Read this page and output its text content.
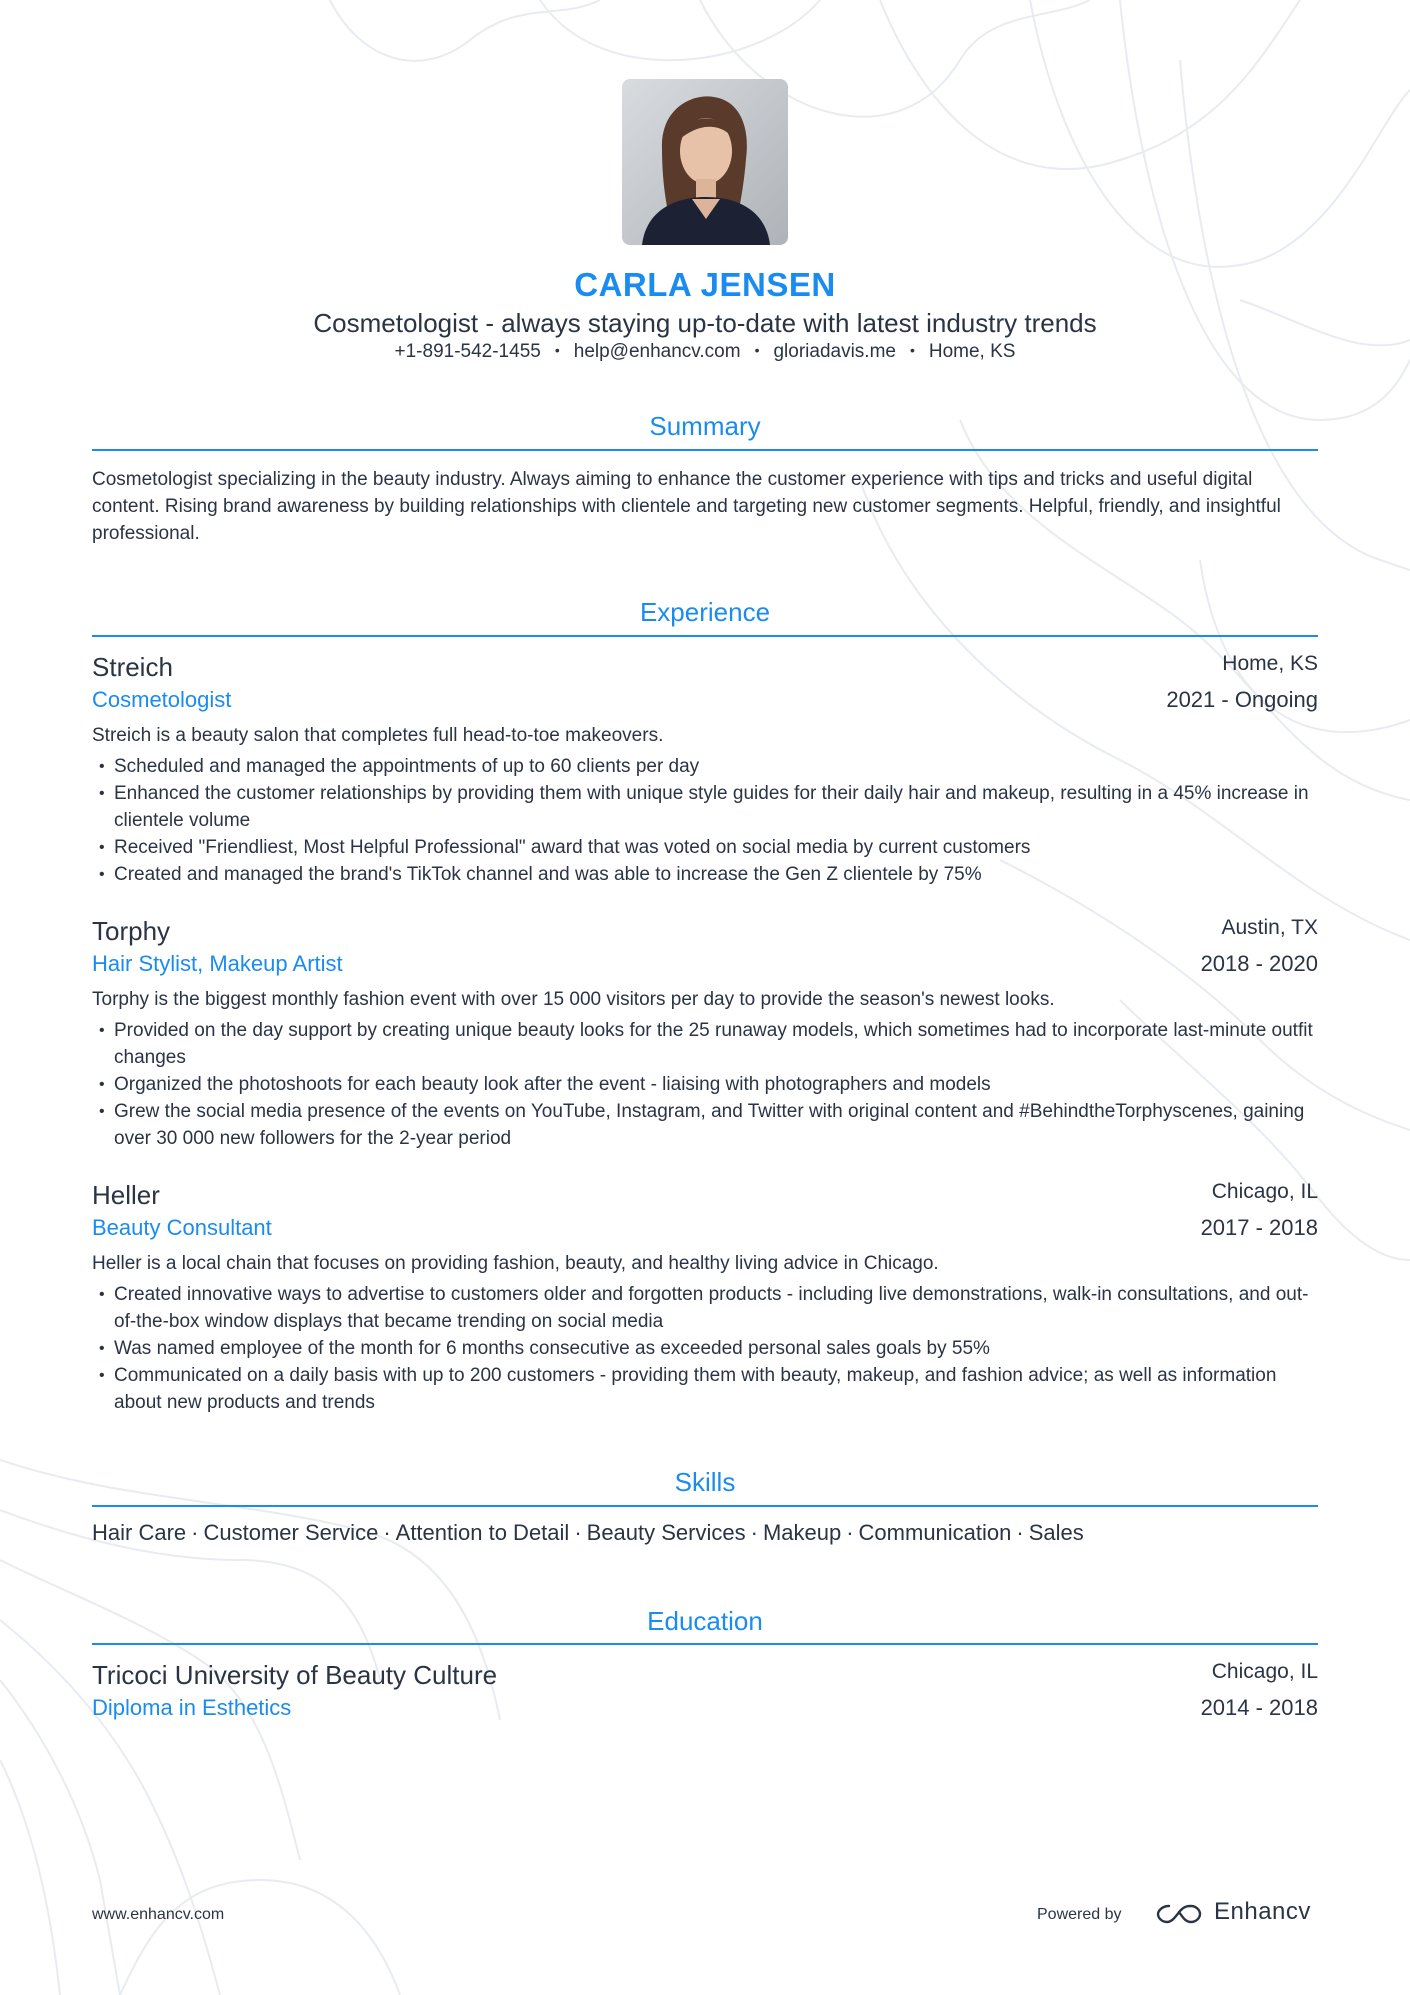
CARLA JENSEN
Cosmetologist - always staying up-to-date with latest industry trends
+1-891-542-1455 • help@enhancv.com • gloriadavis.me • Home, KS
Summary
Cosmetologist specializing in the beauty industry. Always aiming to enhance the customer experience with tips and tricks and useful digital content. Rising brand awareness by building relationships with clientele and targeting new customer segments. Helpful, friendly, and insightful professional.
Experience
Streich	Home, KS
Cosmetologist	2021 - Ongoing
Streich is a beauty salon that completes full head-to-toe makeovers.
• Scheduled and managed the appointments of up to 60 clients per day
• Enhanced the customer relationships by providing them with unique style guides for their daily hair and makeup, resulting in a 45% increase in clientele volume
• Received "Friendliest, Most Helpful Professional" award that was voted on social media by current customers
• Created and managed the brand's TikTok channel and was able to increase the Gen Z clientele by 75%
Torphy	Austin, TX
Hair Stylist, Makeup Artist	2018 - 2020
Torphy is the biggest monthly fashion event with over 15 000 visitors per day to provide the season's newest looks.
• Provided on the day support by creating unique beauty looks for the 25 runaway models, which sometimes had to incorporate last-minute outfit changes
• Organized the photoshoots for each beauty look after the event - liaising with photographers and models
• Grew the social media presence of the events on YouTube, Instagram, and Twitter with original content and #BehindtheTorphyscenes, gaining over 30 000 new followers for the 2-year period
Heller	Chicago, IL
Beauty Consultant	2017 - 2018
Heller is a local chain that focuses on providing fashion, beauty, and healthy living advice in Chicago.
• Created innovative ways to advertise to customers older and forgotten products - including live demonstrations, walk-in consultations, and out-of-the-box window displays that became trending on social media
• Was named employee of the month for 6 months consecutive as exceeded personal sales goals by 55%
• Communicated on a daily basis with up to 200 customers - providing them with beauty, makeup, and fashion advice; as well as information about new products and trends
Skills
Hair Care · Customer Service · Attention to Detail · Beauty Services · Makeup · Communication · Sales
Education
Tricoci University of Beauty Culture	Chicago, IL
Diploma in Esthetics	2014 - 2018
www.enhancv.com	Powered by	Enhancv
